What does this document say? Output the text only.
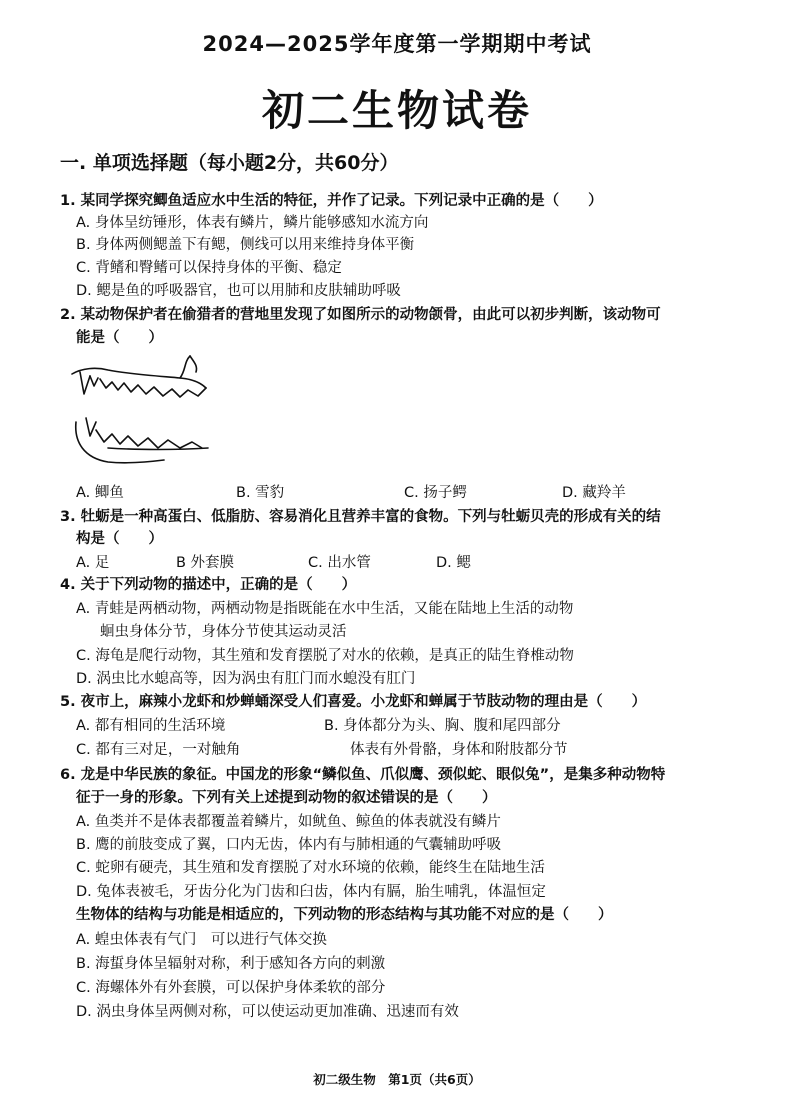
2024—2025学年度第一学期期中考试
初二生物试卷
一. 单项选择题（每小题2分，共60分）
1. 某同学探究鲫鱼适应水中生活的特征，并作了记录。下列记录中正确的是（　　）
A. 身体呈纺锤形，体表有鳞片，鳞片能够感知水流方向
B. 身体两侧鳃盖下有鳃，侧线可以用来维持身体平衡
C. 背鳍和臀鳍可以保持身体的平衡、稳定
D. 鳃是鱼的呼吸器官，也可以用肺和皮肤辅助呼吸
2. 某动物保护者在偷猎者的营地里发现了如图所示的动物颌骨，由此可以初步判断，该动物可
能是（　　）
A. 鲫鱼	B. 雪豹	C. 扬子鳄	D. 藏羚羊
3. 牡蛎是一种高蛋白、低脂肪、容易消化且营养丰富的食物。下列与牡蛎贝壳的形成有关的结
构是（　　）
A. 足	B 外套膜	C. 出水管	D. 鳃
4. 关于下列动物的描述中，正确的是（　　）
A. 青蛙是两栖动物，两栖动物是指既能在水中生活，又能在陆地上生活的动物
蛔虫身体分节，身体分节使其运动灵活
C. 海龟是爬行动物，其生殖和发育摆脱了对水的依赖，是真正的陆生脊椎动物
D. 涡虫比水螅高等，因为涡虫有肛门而水螅没有肛门
5. 夜市上，麻辣小龙虾和炒蝉蛹深受人们喜爱。小龙虾和蝉属于节肢动物的理由是（　　）
A. 都有相同的生活环境	B. 身体都分为头、胸、腹和尾四部分
C. 都有三对足，一对触角	体表有外骨骼，身体和附肢都分节
6. 龙是中华民族的象征。中国龙的形象“鳞似鱼、爪似鹰、颈似蛇、眼似兔”，是集多种动物特
征于一身的形象。下列有关上述提到动物的叙述错误的是（　　）
A. 鱼类并不是体表都覆盖着鳞片，如鱿鱼、鲸鱼的体表就没有鳞片
B. 鹰的前肢变成了翼，口内无齿，体内有与肺相通的气囊辅助呼吸
C. 蛇卵有硬壳，其生殖和发育摆脱了对水环境的依赖，能终生在陆地生活
D. 兔体表被毛，牙齿分化为门齿和臼齿，体内有膈，胎生哺乳，体温恒定
生物体的结构与功能是相适应的，下列动物的形态结构与其功能不对应的是（　　）
A. 蝗虫体表有气门　可以进行气体交换
B. 海蜇身体呈辐射对称，利于感知各方向的刺激
C. 海螺体外有外套膜，可以保护身体柔软的部分
D. 涡虫身体呈两侧对称，可以使运动更加准确、迅速而有效
初二级生物　第1页（共6页）
